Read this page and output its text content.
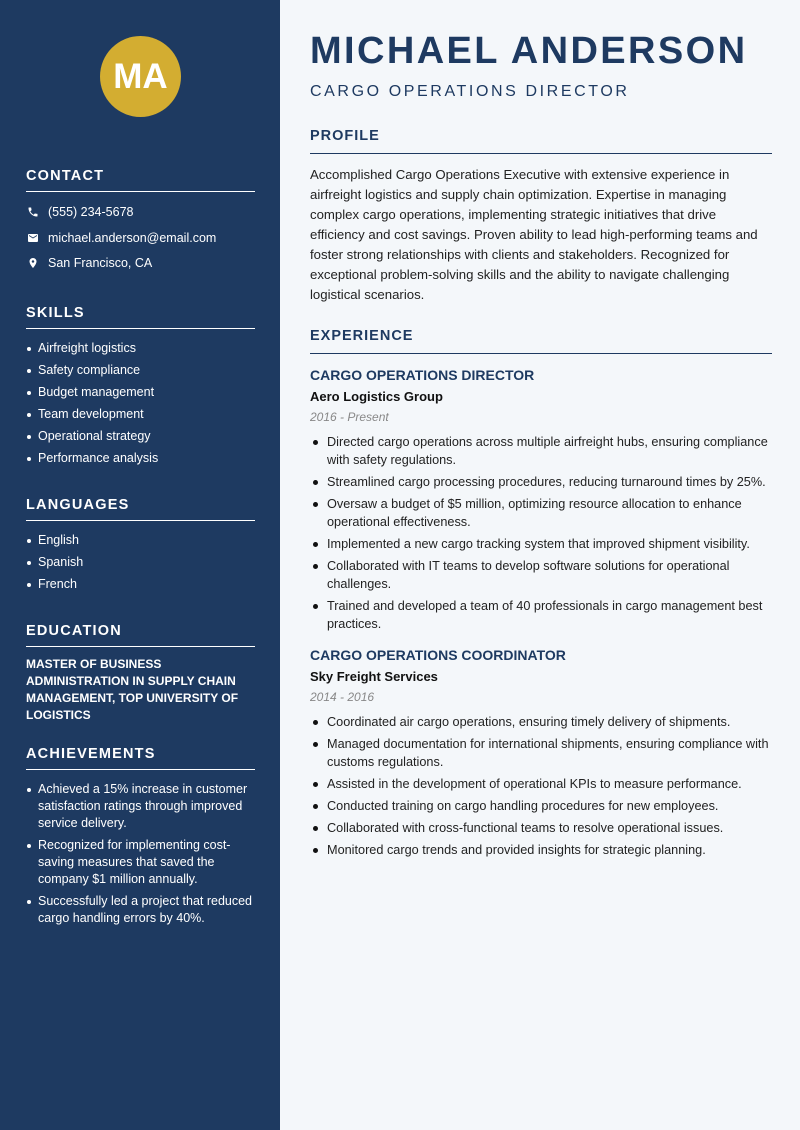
MA
CONTACT
(555) 234-5678
michael.anderson@email.com
San Francisco, CA
SKILLS
Airfreight logistics
Safety compliance
Budget management
Team development
Operational strategy
Performance analysis
LANGUAGES
English
Spanish
French
EDUCATION

MASTER OF BUSINESS ADMINISTRATION IN SUPPLY CHAIN MANAGEMENT, TOP UNIVERSITY OF LOGISTICS

ACHIEVEMENTS
Achieved a 15% increase in customer satisfaction ratings through improved service delivery.
Recognized for implementing cost-saving measures that saved the company $1 million annually.
Successfully led a project that reduced cargo handling errors by 40%.
MICHAEL ANDERSON
CARGO OPERATIONS DIRECTOR
PROFILE

Accomplished Cargo Operations Executive with extensive experience in airfreight logistics and supply chain optimization. Expertise in managing complex cargo operations, implementing strategic initiatives that drive efficiency and cost savings. Proven ability to lead high-performing teams and foster strong relationships with clients and stakeholders. Recognized for exceptional problem-solving skills and the ability to navigate challenging logistical scenarios.

EXPERIENCE
CARGO OPERATIONS DIRECTOR
Aero Logistics Group
2016 - Present
Directed cargo operations across multiple airfreight hubs, ensuring compliance with safety regulations.
Streamlined cargo processing procedures, reducing turnaround times by 25%.
Oversaw a budget of $5 million, optimizing resource allocation to enhance operational effectiveness.
Implemented a new cargo tracking system that improved shipment visibility.
Collaborated with IT teams to develop software solutions for operational challenges.
Trained and developed a team of 40 professionals in cargo management best practices.
CARGO OPERATIONS COORDINATOR
Sky Freight Services
2014 - 2016
Coordinated air cargo operations, ensuring timely delivery of shipments.
Managed documentation for international shipments, ensuring compliance with customs regulations.
Assisted in the development of operational KPIs to measure performance.
Conducted training on cargo handling procedures for new employees.
Collaborated with cross-functional teams to resolve operational issues.
Monitored cargo trends and provided insights for strategic planning.
